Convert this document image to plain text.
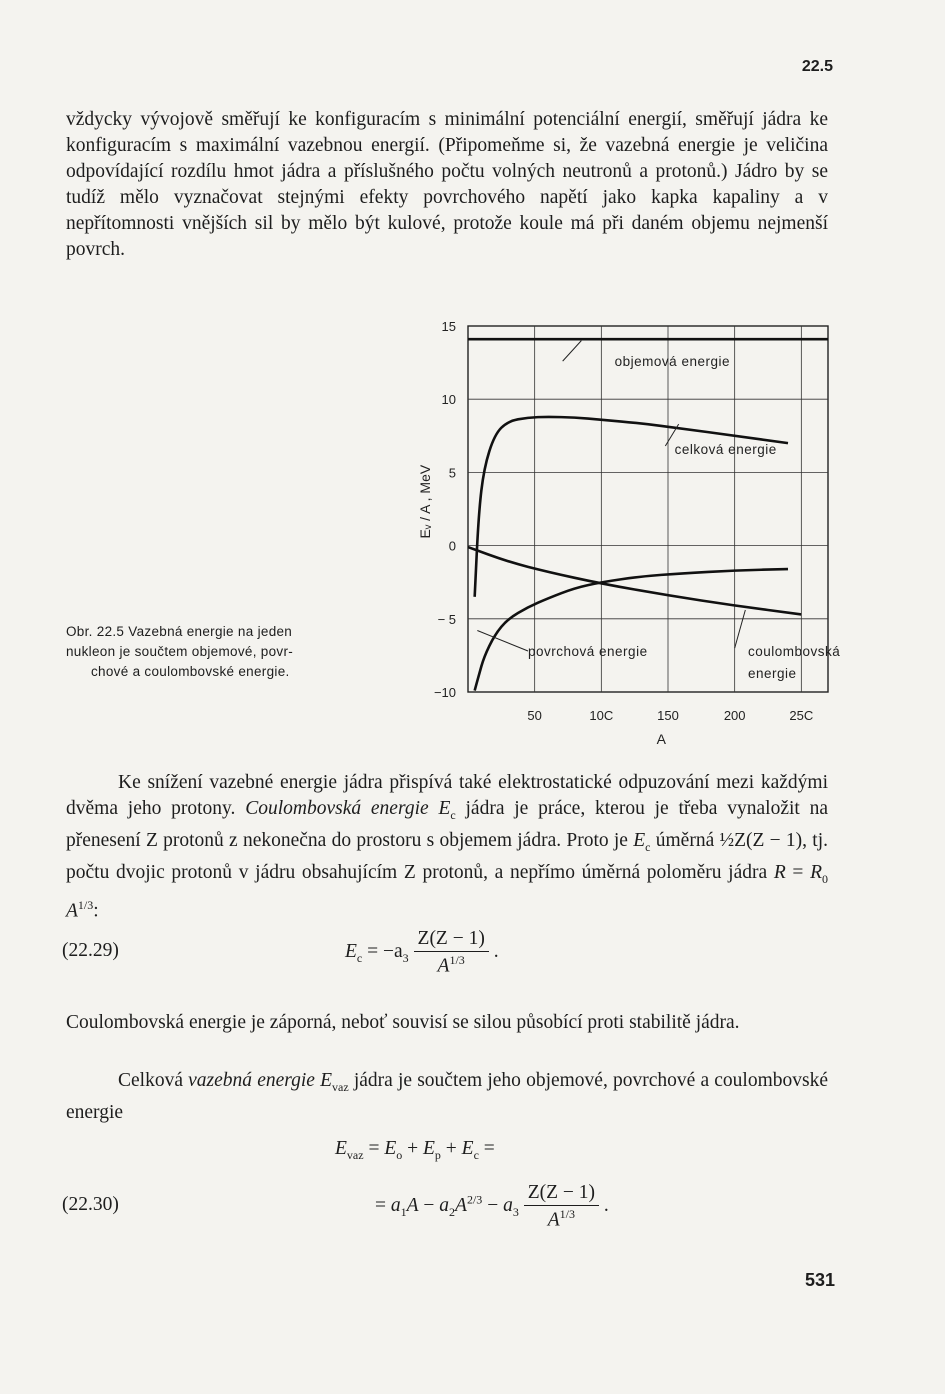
22.5

vždycky vývojově směřují ke konfiguracím s minimální potenciální energií, směřují jádra ke konfiguracím s maximální vazebnou energií. (Připomeňme si, že vazebná energie je veličina odpovídající rozdílu hmot jádra a příslušného počtu volných neutronů a protonů.) Jádro by se tudíž mělo vyznačovat stejnými efekty povrchového napětí jako kapka kapaliny a v nepřítomnosti vnějších sil by mělo být kulové, protože koule má při daném objemu nejmenší povrch.

Obr. 22.5 Vazebná energie na jeden
nukleon je součtem objemové, povr-

chové a coulombovské energie.
50	10C	150	200	25C
15
10
5
0
− 5
−10
A
Eᵥ / A , MeV
objemová energie
celková energie
povrchová energie	coulombovská
energie

Ke snížení vazebné energie jádra přispívá také elektrostatické odpuzování mezi každými dvěma jeho protony. Coulombovská energie $E_c$ jádra je práce, kterou je třeba vynaložit na přenesení Z protonů z nekonečna do prostoru s objemem jádra. Proto je $E_c$ úměrná ½Z(Z − 1), tj. počtu dvojic protonů v jádru obsahujícím Z protonů, a nepřímo úměrná poloměru jádra $R = R_0$ $A^{1/3}$:

(22.29)	$E_c = -a_3 \frac{Z(Z - 1)}{A^{1/3}}$ .

Coulombovská energie je záporná, neboť souvisí se silou působící proti stabilitě jádra.

Celková vazebná energie $E_{vaz}$ jádra je součtem jeho objemové, povrchové a coulombovské energie

$E_{vaz} = E_o + E_p + E_c$ =
(22.30)	= $a_1A - a_2A^{2/3} - a_3 \frac{Z(Z - 1)}{A^{1/3}}$ .
531
